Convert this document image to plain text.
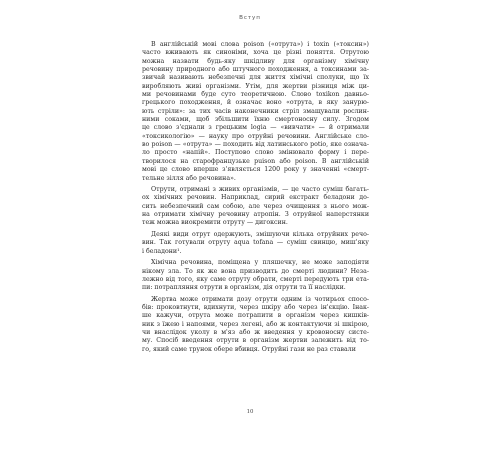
Вступ
В англійській мові слова poison («отрута») і toxin («токсин»)
часто вживають як синоніми, хоча це різні поняття. Отрутою
можна назвати будь-яку шкідливу для організму хімічну
речовину природного або штучного походження, а токсинами за-
звичай називають небезпечні для життя хімічні сполуки, що їх
виробляють живі організми. Утім, для жертви різниця між ци-
ми речовинами буде суто теоретичною. Слово toxikon давньо-
грецького походження, й означає воно «отрута, в яку занурю-
ють стріли»: за тих часів наконечники стріл змащували рослин-
ними соками, щоб збільшити їхню смертоносну силу. Згодом
це слово з'єднали з грецьким logia — «вивчати» — й отримали
«токсикологію» — науку про отруйні речовини. Англійське сло-
во poison — «отрута» — походить від латинського potio, яке означа-
ло просто «напій». Поступово слово змінювало форму і пере-
творилося на старофранцузьке puison або poison. В англійській
мові це слово вперше з'являється 1200 року у значенні «смерт-
тельне зілля або речовина».
Отрути, отримані з живих організмів, — це часто суміш багать-
ох хімічних речовин. Наприклад, сирий екстракт беладони до-
сить небезпечний сам собою, але через очищення з нього мож-
на отримати хімічну речовину атропін. З отруйної наперстянки
теж можна виокремити отруту — дигоксин.
Деякі види отрут одержують, змішуючи кілька отруйних речо-
вин. Так готували отруту aqua tofana — суміш свинцю, миш'яку
і беладони¹.
Хімічна речовина, поміщена у пляшечку, не може заподіяти
нікому зла. То як же вона призводить до смерті людини? Неза-
лежно від того, яку саме отруту обрати, смерті передують три ета-
пи: потрапляння отрути в організм, дія отрути та її наслідки.
Жертва може отримати дозу отрути одним із чотирьох спосо-
бів: проковтнути, вдихнути, через шкіру або через ін'єкцію. Інак-
ше кажучи, отрута може потрапити в організм через кишків-
ник з їжею і напоями, через легені, або ж контактуючи зі шкірою,
чи внаслідок уколу в м'яз або ж введення у кровоносну систе-
му. Спосіб введення отрути в організм жертви залежить від то-
го, який саме трунок обере вбивця. Отруйні гази не раз ставали
10
